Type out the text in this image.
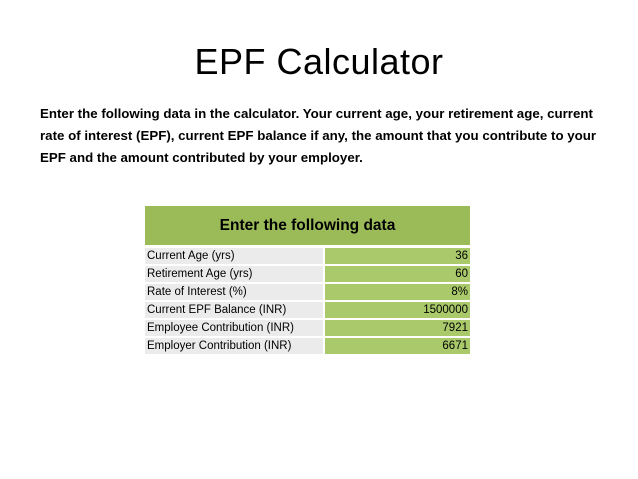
EPF Calculator
Enter the following data in the calculator. Your current age, your retirement age, current rate of interest (EPF), current EPF balance if any, the amount that you contribute to your EPF and the amount contributed by your employer.
Enter the following data
Current Age (yrs)	36
Retirement Age (yrs)	60
Rate of Interest (%)	8%
Current EPF Balance (INR)	1500000
Employee Contribution (INR)	7921
Employer Contribution (INR)	6671
